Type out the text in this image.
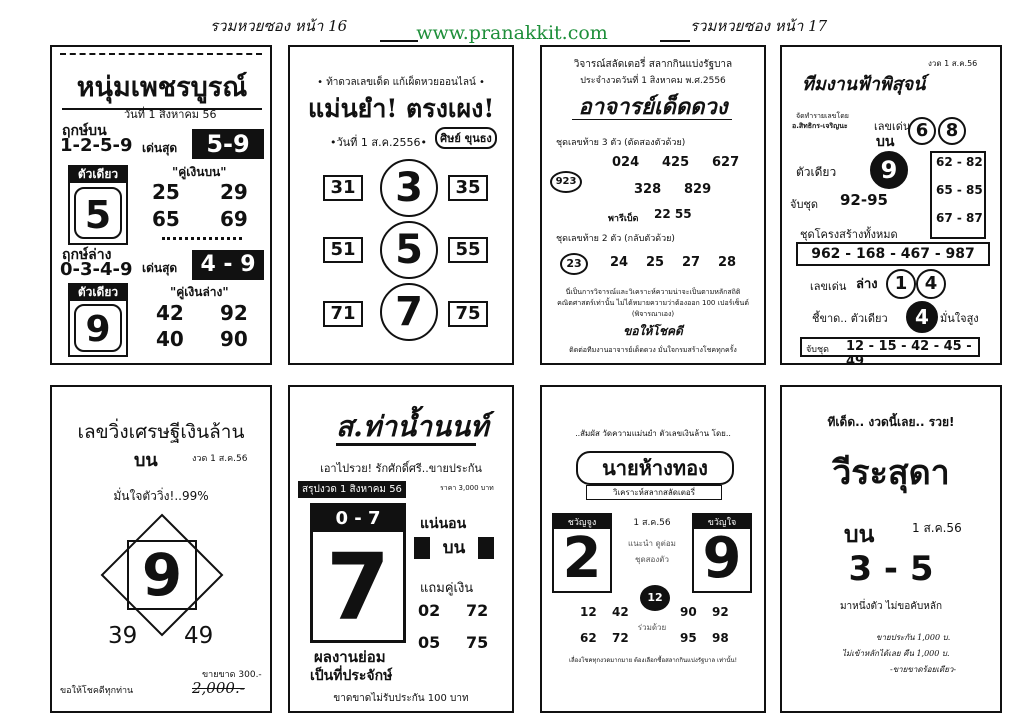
รวมหวยซอง หน้า 16	www.pranakkit.com	รวมหวยซอง หน้า 17
หนุ่มเพชรบูรณ์
วันที่ 1 สิงหาคม 56
ฤกษ์บน
1-2-5-9 เด่นสุด	5-9
ตัวเดียว
5
"คู่เงินบน"
25 29
65 69
ฤกษ์ล่าง
0-3-4-9 เด่นสุด	4 - 9
ตัวเดียว
9
"คู่เงินล่าง"
42 92
40 90
• ท้าดวลเลขเด็ด แก้เผ็ดหวยออนไลน์ •
แม่นยำ! ตรงเผง!
•วันที่ 1 ส.ค.2556•	ศิษย์ ขุนธง
31 3	35
51 5	55
71 7	75
วิจารณ์สลัดเตอรี่ สลากกินแบ่งรัฐบาล
ประจำงวดวันที่ 1 สิงหาคม พ.ศ.2556
อาจารย์เด็ดดวง
ชุดเลขท้าย 3 ตัว (ตัดสองตัวด้วย)
923
024 425 627
328 829
พารีเบ็ด 22 55
ชุดเลขท้าย 2 ตัว (กลับตัวด้วย)
23	24 25 27 28
นี่เป็นการวิจารณ์และวิเคราะห์ความน่าจะเป็นตามหลักสถิติคณิตศาสตร์เท่านั้น ไม่ได้หมายความว่าต้องออก 100 เปอร์เซ็นต์ (พิจารณาเอง)
ขอให้โชคดี
ติดต่อทีมงานอาจารย์เด็ดดวง มั่นใจกรมสร้างโชคทุกครั้ง
งวด 1 ส.ค.56
ทีมงานฟ้าพิสุจน์
จัดทำรายเลขโดย
อ.สิทธิกร-เจริญนะ เลขเด่น
บน
6 8
ตัวเดียว	9
จับชุด 92-95
62 - 82
65 - 85
67 - 87
ชุดโครงสร้างทั้งหมด
962 - 168 - 467 - 987
เลขเด่น ล่าง 1 4
ชี้ขาด.. ตัวเดียว	4	มั่นใจสูง
จับชุด 12 - 15 - 42 - 45 - 49
เลขวิ่งเศรษฐีเงินล้าน
บน	งวด 1 ส.ค.56
มั่นใจตัววิ่ง!..99%
9
39 49
ขายขาด 300.-
ขอให้โชคดีทุกท่าน	2,000.-
ส.ท่าน้ำนนท์
เอาไปรวย! รักศักดิ์ศรี..ขายประกัน
สรุปงวด 1 สิงหาคม 56	ราคา 3,000 บาท
0 - 7
7
แน่นอน
บน
แถมคู่เงิน
02 72
05 75
ผลงานย่อม
เป็นที่ประจักษ์
ขาดขาดไม่รับประกัน 100 บาท
..สัมผัส วัดความแม่นยำ ตัวเลขเงินล้าน โดย..
นายห้างทอง
วิเคราะห์สลากสลัดเตอรี่
ชวัญจูง
2
ขวัญใจ
9
1 ส.ค.56
แนะนำ ดูต่อม
ชุดสองตัว
12
12 42	90 92
ร่วมด้วย
62 72	95 98
เลื่องโชคทุกงวดมากมาย ต้องเลือกซื้อสลากกินแบ่งรัฐบาล เท่านั้น!
ทีเด็ด.. งวดนี้เลย.. รวย!
วีระสุดา
บน	1 ส.ค.56
3 - 5
มาหนึ่งตัว ไม่ขอคับหลัก
ขายประกัน 1,000 บ.
ไม่เข้าหลักได้เลย คืน 1,000 บ.
-ขายขาดร้อยเดียว-
